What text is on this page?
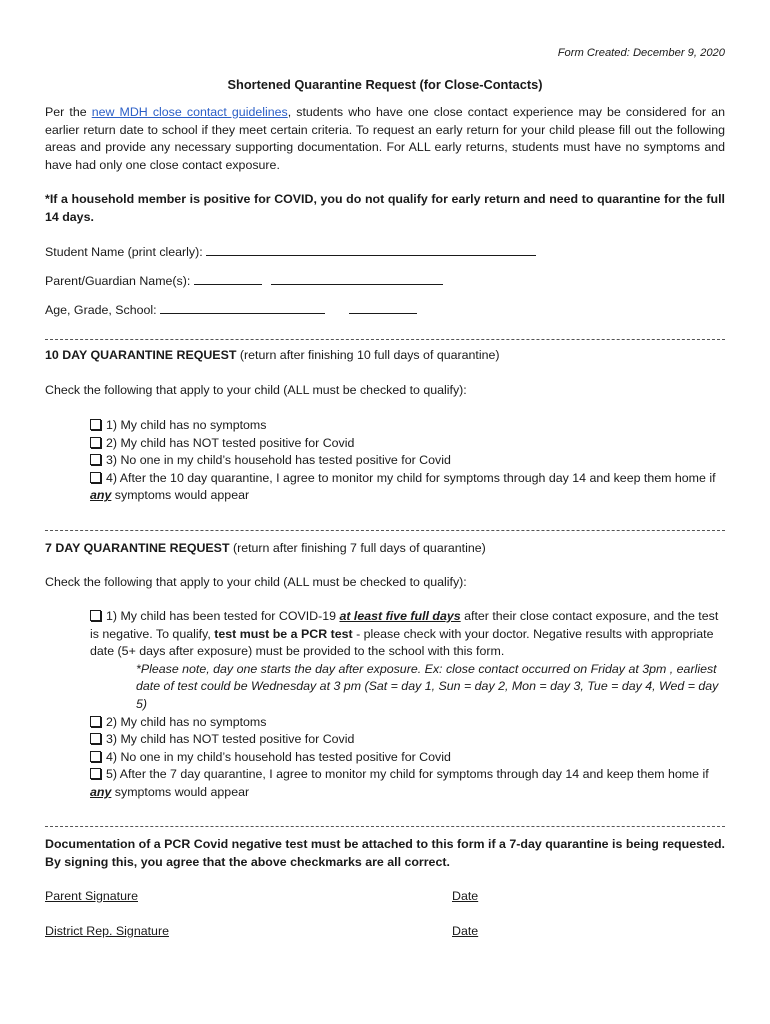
Form Created: December 9, 2020
Shortened Quarantine Request (for Close-Contacts)
Per the new MDH close contact guidelines, students who have one close contact experience may be considered for an earlier return date to school if they meet certain criteria. To request an early return for your child please fill out the following areas and provide any necessary supporting documentation. For ALL early returns, students must have no symptoms and have had only one close contact exposure.
*If a household member is positive for COVID, you do not qualify for early return and need to quarantine for the full 14 days.
Student Name (print clearly):
Parent/Guardian Name(s):
Age, Grade, School:
10 DAY QUARANTINE REQUEST (return after finishing 10 full days of quarantine)
Check the following that apply to your child (ALL must be checked to qualify):
1) My child has no symptoms
2) My child has NOT tested positive for Covid
3) No one in my child’s household has tested positive for Covid
4) After the 10 day quarantine, I agree to monitor my child for symptoms through day 14 and keep them home if any symptoms would appear
7 DAY QUARANTINE REQUEST (return after finishing 7 full days of quarantine)
Check the following that apply to your child (ALL must be checked to qualify):
1) My child has been tested for COVID-19 at least five full days after their close contact exposure, and the test is negative. To qualify, test must be a PCR test - please check with your doctor. Negative results with appropriate date (5+ days after exposure) must be provided to the school with this form.
*Please note, day one starts the day after exposure. Ex: close contact occurred on Friday at 3pm , earliest date of test could be Wednesday at 3 pm (Sat = day 1, Sun = day 2, Mon = day 3, Tue = day 4, Wed = day 5)
2) My child has no symptoms
3) My child has NOT tested positive for Covid
4) No one in my child’s household has tested positive for Covid
5) After the 7 day quarantine, I agree to monitor my child for symptoms through day 14 and keep them home if any symptoms would appear
Documentation of a PCR Covid negative test must be attached to this form if a 7-day quarantine is being requested. By signing this, you agree that the above checkmarks are all correct.
Parent Signature	Date
District Rep. Signature	Date
